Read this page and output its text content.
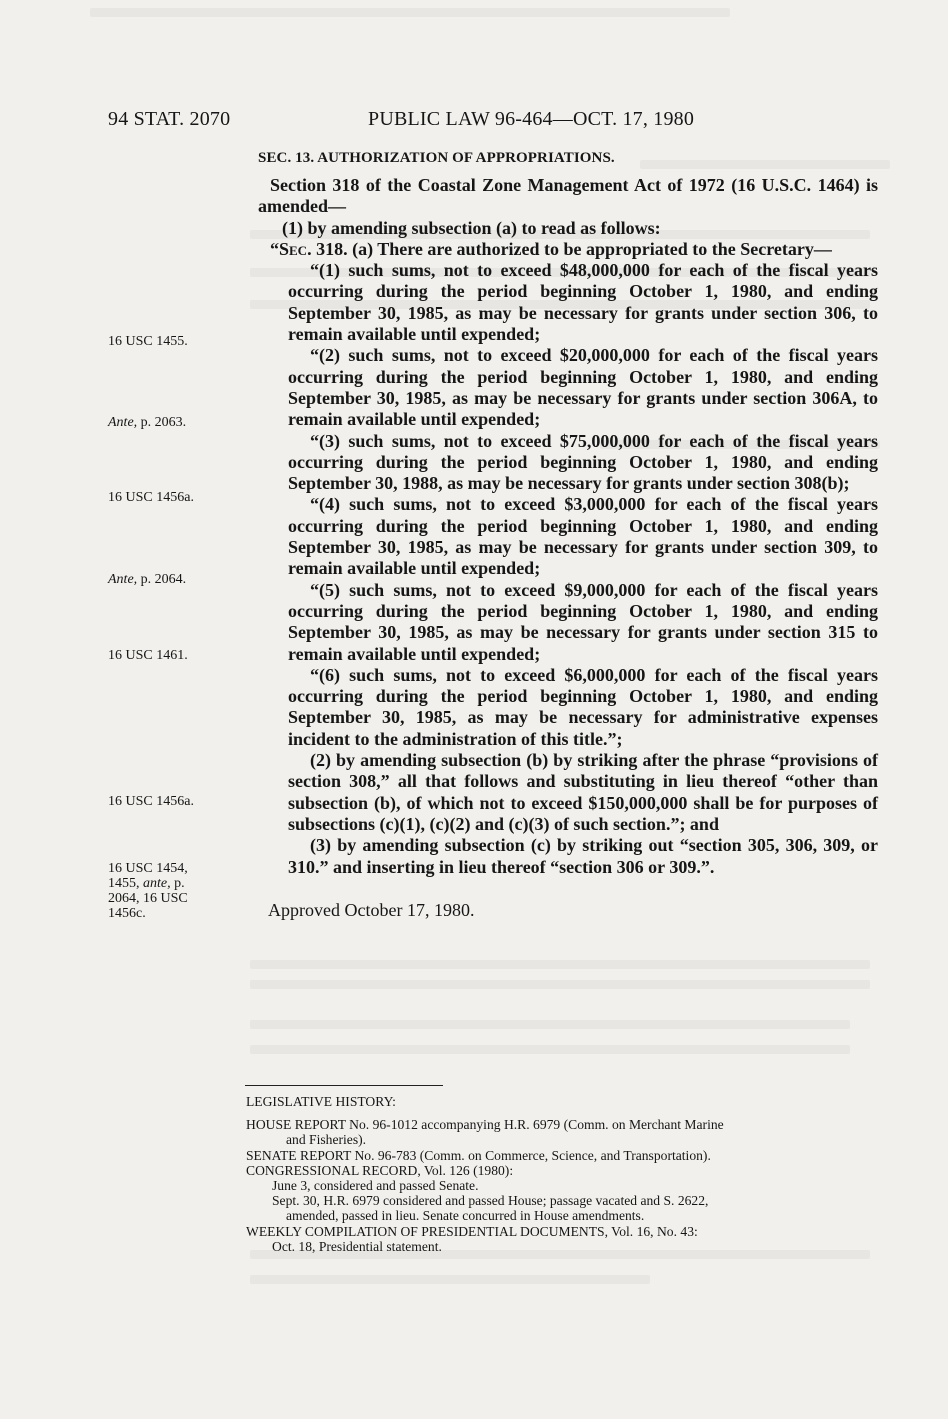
94 STAT. 2070	PUBLIC LAW 96-464—OCT. 17, 1980
SEC. 13. AUTHORIZATION OF APPROPRIATIONS.

Section 318 of the Coastal Zone Management Act of 1972 (16 U.S.C. 1464) is amended—

(1) by amending subsection (a) to read as follows:

“Sec. 318. (a) There are authorized to be appropriated to the Secretary—

“(1) such sums, not to exceed $48,000,000 for each of the fiscal years occurring during the period beginning October 1, 1980, and ending September 30, 1985, as may be necessary for grants under section 306, to remain available until expended;

“(2) such sums, not to exceed $20,000,000 for each of the fiscal years occurring during the period beginning October 1, 1980, and ending September 30, 1985, as may be necessary for grants under section 306A, to remain available until expended;

“(3) such sums, not to exceed $75,000,000 for each of the fiscal years occurring during the period beginning October 1, 1980, and ending September 30, 1988, as may be necessary for grants under section 308(b);

“(4) such sums, not to exceed $3,000,000 for each of the fiscal years occurring during the period beginning October 1, 1980, and ending September 30, 1985, as may be necessary for grants under section 309, to remain available until expended;

“(5) such sums, not to exceed $9,000,000 for each of the fiscal years occurring during the period beginning October 1, 1980, and ending September 30, 1985, as may be necessary for grants under section 315 to remain available until expended;

“(6) such sums, not to exceed $6,000,000 for each of the fiscal years occurring during the period beginning October 1, 1980, and ending September 30, 1985, as may be necessary for administrative expenses incident to the administration of this title.”;

(2) by amending subsection (b) by striking after the phrase “provisions of section 308,” all that follows and substituting in lieu thereof “other than subsection (b), of which not to exceed $150,000,000 shall be for purposes of subsections (c)(1), (c)(2) and (c)(3) of such section.”; and

(3) by amending subsection (c) by striking out “section 305, 306, 309, or 310.” and inserting in lieu thereof “section 306 or 309.”.

16 USC 1455.
Ante, p. 2063.
16 USC 1456a.
Ante, p. 2064.
16 USC 1461.
16 USC 1456a.
16 USC 1454,
1455, ante, p.
2064, 16 USC
1456c.	Approved October 17, 1980.

LEGISLATIVE HISTORY:

HOUSE REPORT No. 96-1012 accompanying H.R. 6979 (Comm. on Merchant Marine

and Fisheries).

SENATE REPORT No. 96-783 (Comm. on Commerce, Science, and Transportation).

CONGRESSIONAL RECORD, Vol. 126 (1980):

June 3, considered and passed Senate.

Sept. 30, H.R. 6979 considered and passed House; passage vacated and S. 2622,

amended, passed in lieu. Senate concurred in House amendments.

WEEKLY COMPILATION OF PRESIDENTIAL DOCUMENTS, Vol. 16, No. 43:

Oct. 18, Presidential statement.
